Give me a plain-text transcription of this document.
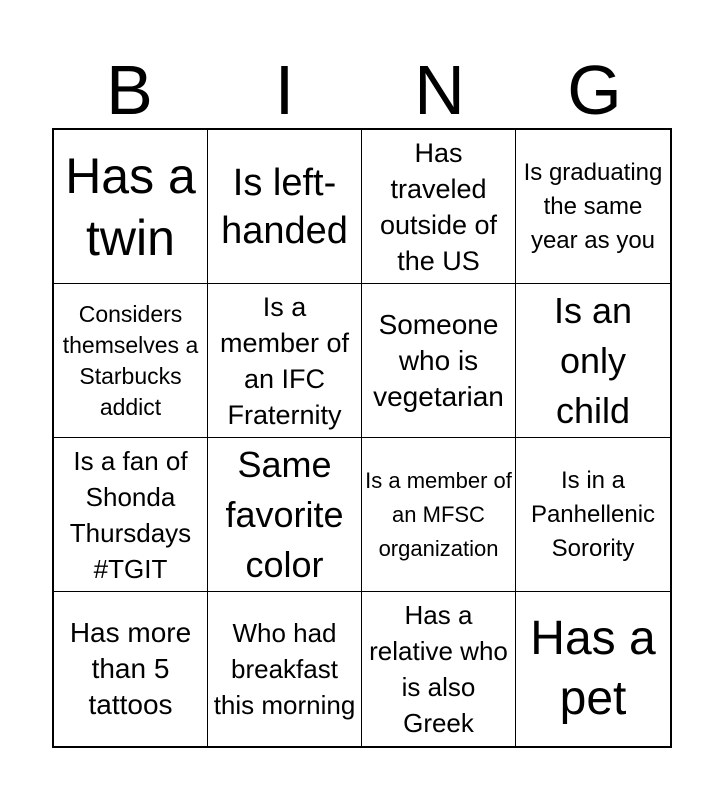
B	I	N	G
Has a twin
Is left-handed
Has traveled outside of the US
Is graduating the same year as you
Considers themselves a Starbucks addict
Is a member of an IFC Fraternity
Someone who is vegetarian
Is an only child
Is a fan of Shonda Thursdays #TGIT
Same favorite color
Is a member of an MFSC organization
Is in a Panhellenic Sorority
Has more than 5 tattoos
Who had breakfast this morning
Has a relative who is also Greek
Has a pet
